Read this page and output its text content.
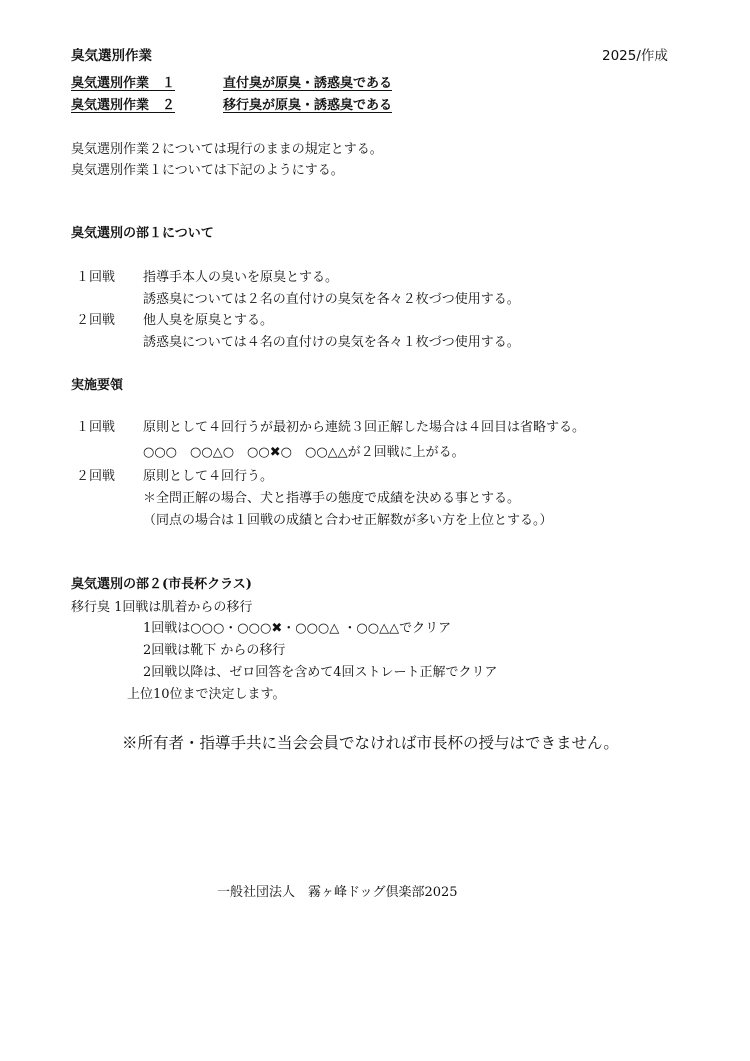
臭気選別作業	2025/作成
臭気選別作業　１	直付臭が原臭・誘惑臭である
臭気選別作業　２	移行臭が原臭・誘惑臭である
臭気選別作業２については現行のままの規定とする。
臭気選別作業１については下記のようにする。
臭気選別の部１について
１回戦 指導手本人の臭いを原臭とする。
誘惑臭については２名の直付けの臭気を各々２枚づつ使用する。
２回戦 他人臭を原臭とする。
誘惑臭については４名の直付けの臭気を各々１枚づつ使用する。
実施要領
１回戦 原則として４回行うが最初から連続３回正解した場合は４回目は省略する。
○○○　○○△○　○○✖○　○○△△が２回戦に上がる。
２回戦 原則として４回行う。
＊全問正解の場合、犬と指導手の態度で成績を決める事とする。
（同点の場合は１回戦の成績と合わせ正解数が多い方を上位とする。）
臭気選別の部２(市長杯クラス)
移行臭 1回戦は肌着からの移行
1回戦は○○○・○○○✖・○○○△ ・○○△△でクリア
2回戦は靴下 からの移行
2回戦以降は、ゼロ回答を含めて4回ストレート正解でクリア
上位10位まで決定します。
※所有者・指導手共に当会会員でなければ市長杯の授与はできません。
一般社団法人　霧ヶ峰ドッグ倶楽部2025
